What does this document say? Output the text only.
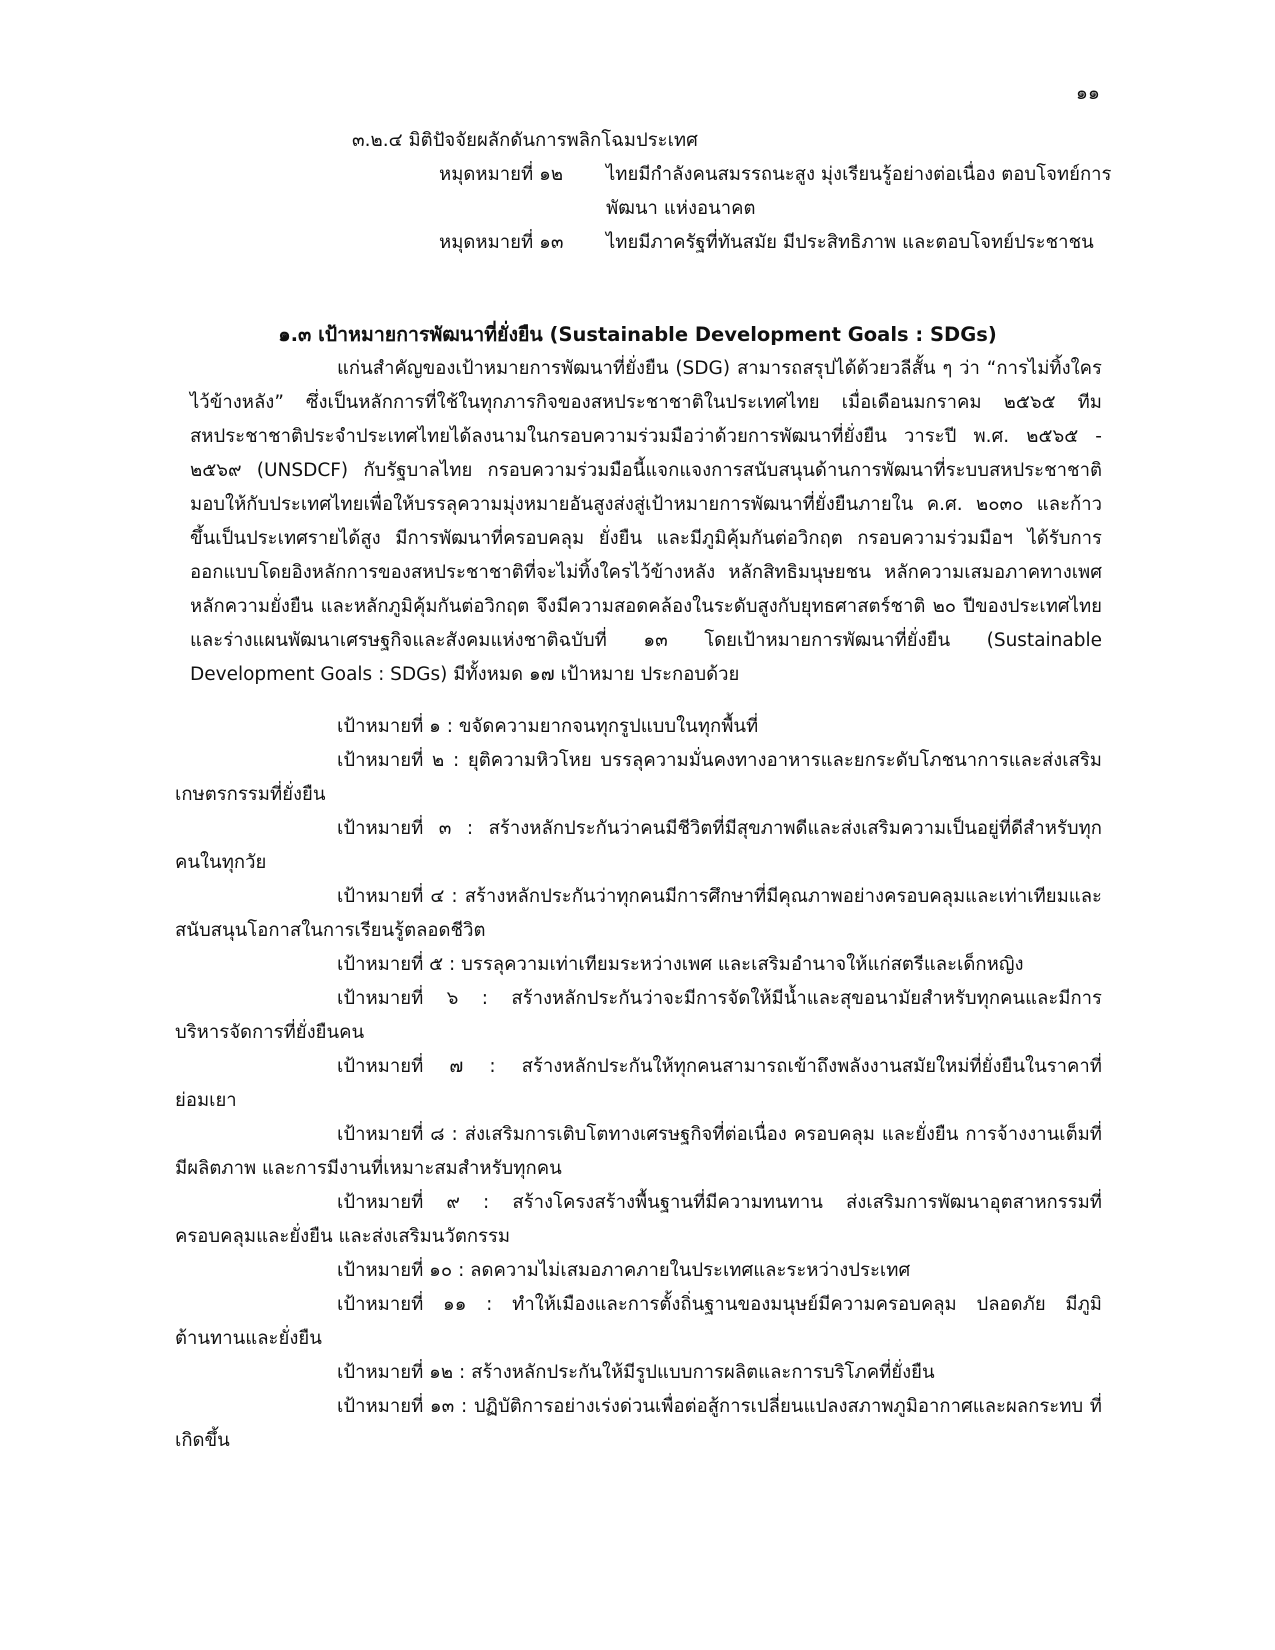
๑๑
๓.๒.๔ มิติปัจจัยผลักดันการพลิกโฉมประเทศ
หมุดหมายที่ ๑๒	ไทยมีกำลังคนสมรรถนะสูง มุ่งเรียนรู้อย่างต่อเนื่อง ตอบโจทย์การพัฒนา แห่งอนาคต
หมุดหมายที่ ๑๓	ไทยมีภาครัฐที่ทันสมัย มีประสิทธิภาพ และตอบโจทย์ประชาชน
๑.๓ เป้าหมายการพัฒนาที่ยั่งยืน (Sustainable Development Goals : SDGs)

แก่นสำคัญของเป้าหมายการพัฒนาที่ยั่งยืน (SDG) สามารถสรุปได้ด้วยวลีสั้น ๆ ว่า “การไม่ทิ้งใครไว้ข้างหลัง” ซึ่งเป็นหลักการที่ใช้ในทุกภารกิจของสหประชาชาติในประเทศไทย เมื่อเดือนมกราคม ๒๕๖๕ ทีมสหประชาชาติประจำประเทศไทยได้ลงนามในกรอบความร่วมมือว่าด้วยการพัฒนาที่ยั่งยืน วาระปี พ.ศ. ๒๕๖๕ - ๒๕๖๙ (UNSDCF) กับรัฐบาลไทย กรอบความร่วมมือนี้แจกแจงการสนับสนุนด้านการพัฒนาที่ระบบสหประชาชาติมอบให้กับประเทศไทยเพื่อให้บรรลุความมุ่งหมายอันสูงส่งสู่เป้าหมายการพัฒนาที่ยั่งยืนภายใน ค.ศ. ๒๐๓๐ และก้าวขึ้นเป็นประเทศรายได้สูง มีการพัฒนาที่ครอบคลุม ยั่งยืน และมีภูมิคุ้มกันต่อวิกฤต กรอบความร่วมมือฯ ได้รับการออกแบบโดยอิงหลักการของสหประชาชาติที่จะไม่ทิ้งใครไว้ข้างหลัง หลักสิทธิมนุษยชน หลักความเสมอภาคทางเพศ หลักความยั่งยืน และหลักภูมิคุ้มกันต่อวิกฤต จึงมีความสอดคล้องในระดับสูงกับยุทธศาสตร์ชาติ ๒๐ ปีของประเทศไทย และร่างแผนพัฒนาเศรษฐกิจและสังคมแห่งชาติฉบับที่ ๑๓ โดยเป้าหมายการพัฒนาที่ยั่งยืน (Sustainable Development Goals : SDGs) มีทั้งหมด ๑๗ เป้าหมาย ประกอบด้วย

เป้าหมายที่ ๑ : ขจัดความยากจนทุกรูปแบบในทุกพื้นที่

เป้าหมายที่ ๒ : ยุติความหิวโหย บรรลุความมั่นคงทางอาหารและยกระดับโภชนาการและส่งเสริมเกษตรกรรมที่ยั่งยืน

เป้าหมายที่ ๓ : สร้างหลักประกันว่าคนมีชีวิตที่มีสุขภาพดีและส่งเสริมความเป็นอยู่ที่ดีสำหรับทุกคนในทุกวัย

เป้าหมายที่ ๔ : สร้างหลักประกันว่าทุกคนมีการศึกษาที่มีคุณภาพอย่างครอบคลุมและเท่าเทียมและสนับสนุนโอกาสในการเรียนรู้ตลอดชีวิต

เป้าหมายที่ ๕ : บรรลุความเท่าเทียมระหว่างเพศ และเสริมอำนาจให้แก่สตรีและเด็กหญิง

เป้าหมายที่ ๖ : สร้างหลักประกันว่าจะมีการจัดให้มีน้ำและสุขอนามัยสำหรับทุกคนและมีการบริหารจัดการที่ยั่งยืนคน

เป้าหมายที่ ๗ : สร้างหลักประกันให้ทุกคนสามารถเข้าถึงพลังงานสมัยใหม่ที่ยั่งยืนในราคาที่ย่อมเยา

เป้าหมายที่ ๘ : ส่งเสริมการเติบโตทางเศรษฐกิจที่ต่อเนื่อง ครอบคลุม และยั่งยืน การจ้างงานเต็มที่ มีผลิตภาพ และการมีงานที่เหมาะสมสำหรับทุกคน

เป้าหมายที่ ๙ : สร้างโครงสร้างพื้นฐานที่มีความทนทาน ส่งเสริมการพัฒนาอุตสาหกรรมที่ครอบคลุมและยั่งยืน และส่งเสริมนวัตกรรม

เป้าหมายที่ ๑๐ : ลดความไม่เสมอภาคภายในประเทศและระหว่างประเทศ

เป้าหมายที่ ๑๑ : ทำให้เมืองและการตั้งถิ่นฐานของมนุษย์มีความครอบคลุม ปลอดภัย มีภูมิต้านทานและยั่งยืน

เป้าหมายที่ ๑๒ : สร้างหลักประกันให้มีรูปแบบการผลิตและการบริโภคที่ยั่งยืน

เป้าหมายที่ ๑๓ : ปฏิบัติการอย่างเร่งด่วนเพื่อต่อสู้การเปลี่ยนแปลงสภาพภูมิอากาศและผลกระทบ ที่เกิดขึ้น
